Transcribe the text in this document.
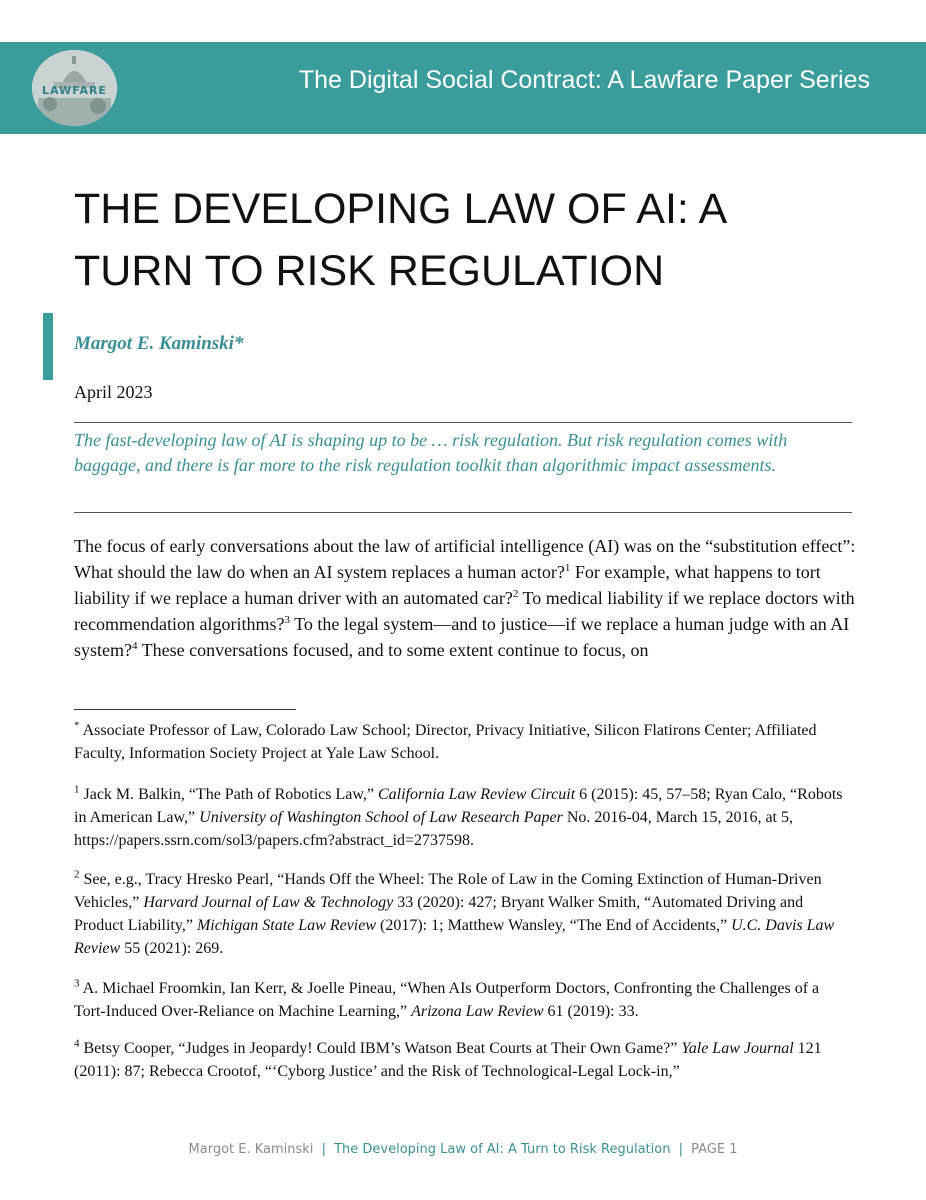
LAWFARE	The Digital Social Contract: A Lawfare Paper Series
THE DEVELOPING LAW OF AI: A
TURN TO RISK REGULATION
Margot E. Kaminski*
April 2023

The fast-developing law of AI is shaping up to be … risk regulation. But risk regulation comes with baggage, and there is far more to the risk regulation toolkit than algorithmic impact assessments.

The focus of early conversations about the law of artificial intelligence (AI) was on the “substitution effect”: What should the law do when an AI system replaces a human actor?$^1$ For example, what happens to tort liability if we replace a human driver with an automated car?$^2$ To medical liability if we replace doctors with recommendation algorithms?$^3$ To the legal system—and to justice—if we replace a human judge with an AI system?$^4$ These conversations focused, and to some extent continue to focus, on

* Associate Professor of Law, Colorado Law School; Director, Privacy Initiative, Silicon Flatirons Center; Affiliated Faculty, Information Society Project at Yale Law School.

$^1$ Jack M. Balkin, “The Path of Robotics Law,” California Law Review Circuit 6 (2015): 45, 57–58; Ryan Calo, “Robots in American Law,” University of Washington School of Law Research Paper No. 2016-04, March 15, 2016, at 5, https://papers.ssrn.com/sol3/papers.cfm?abstract_id=2737598.

$^2$ See, e.g., Tracy Hresko Pearl, “Hands Off the Wheel: The Role of Law in the Coming Extinction of Human-Driven Vehicles,” Harvard Journal of Law & Technology 33 (2020): 427; Bryant Walker Smith, “Automated Driving and Product Liability,” Michigan State Law Review (2017): 1; Matthew Wansley, “The End of Accidents,” U.C. Davis Law Review 55 (2021): 269.

$^3$ A. Michael Froomkin, Ian Kerr, & Joelle Pineau, “When AIs Outperform Doctors, Confronting the Challenges of a Tort-Induced Over-Reliance on Machine Learning,” Arizona Law Review 61 (2019): 33.

$^4$ Betsy Cooper, “Judges in Jeopardy! Could IBM’s Watson Beat Courts at Their Own Game?” Yale Law Journal 121 (2011): 87; Rebecca Crootof, “‘Cyborg Justice’ and the Risk of Technological-Legal Lock-in,”

Margot E. Kaminski | The Developing Law of AI: A Turn to Risk Regulation | PAGE 1
